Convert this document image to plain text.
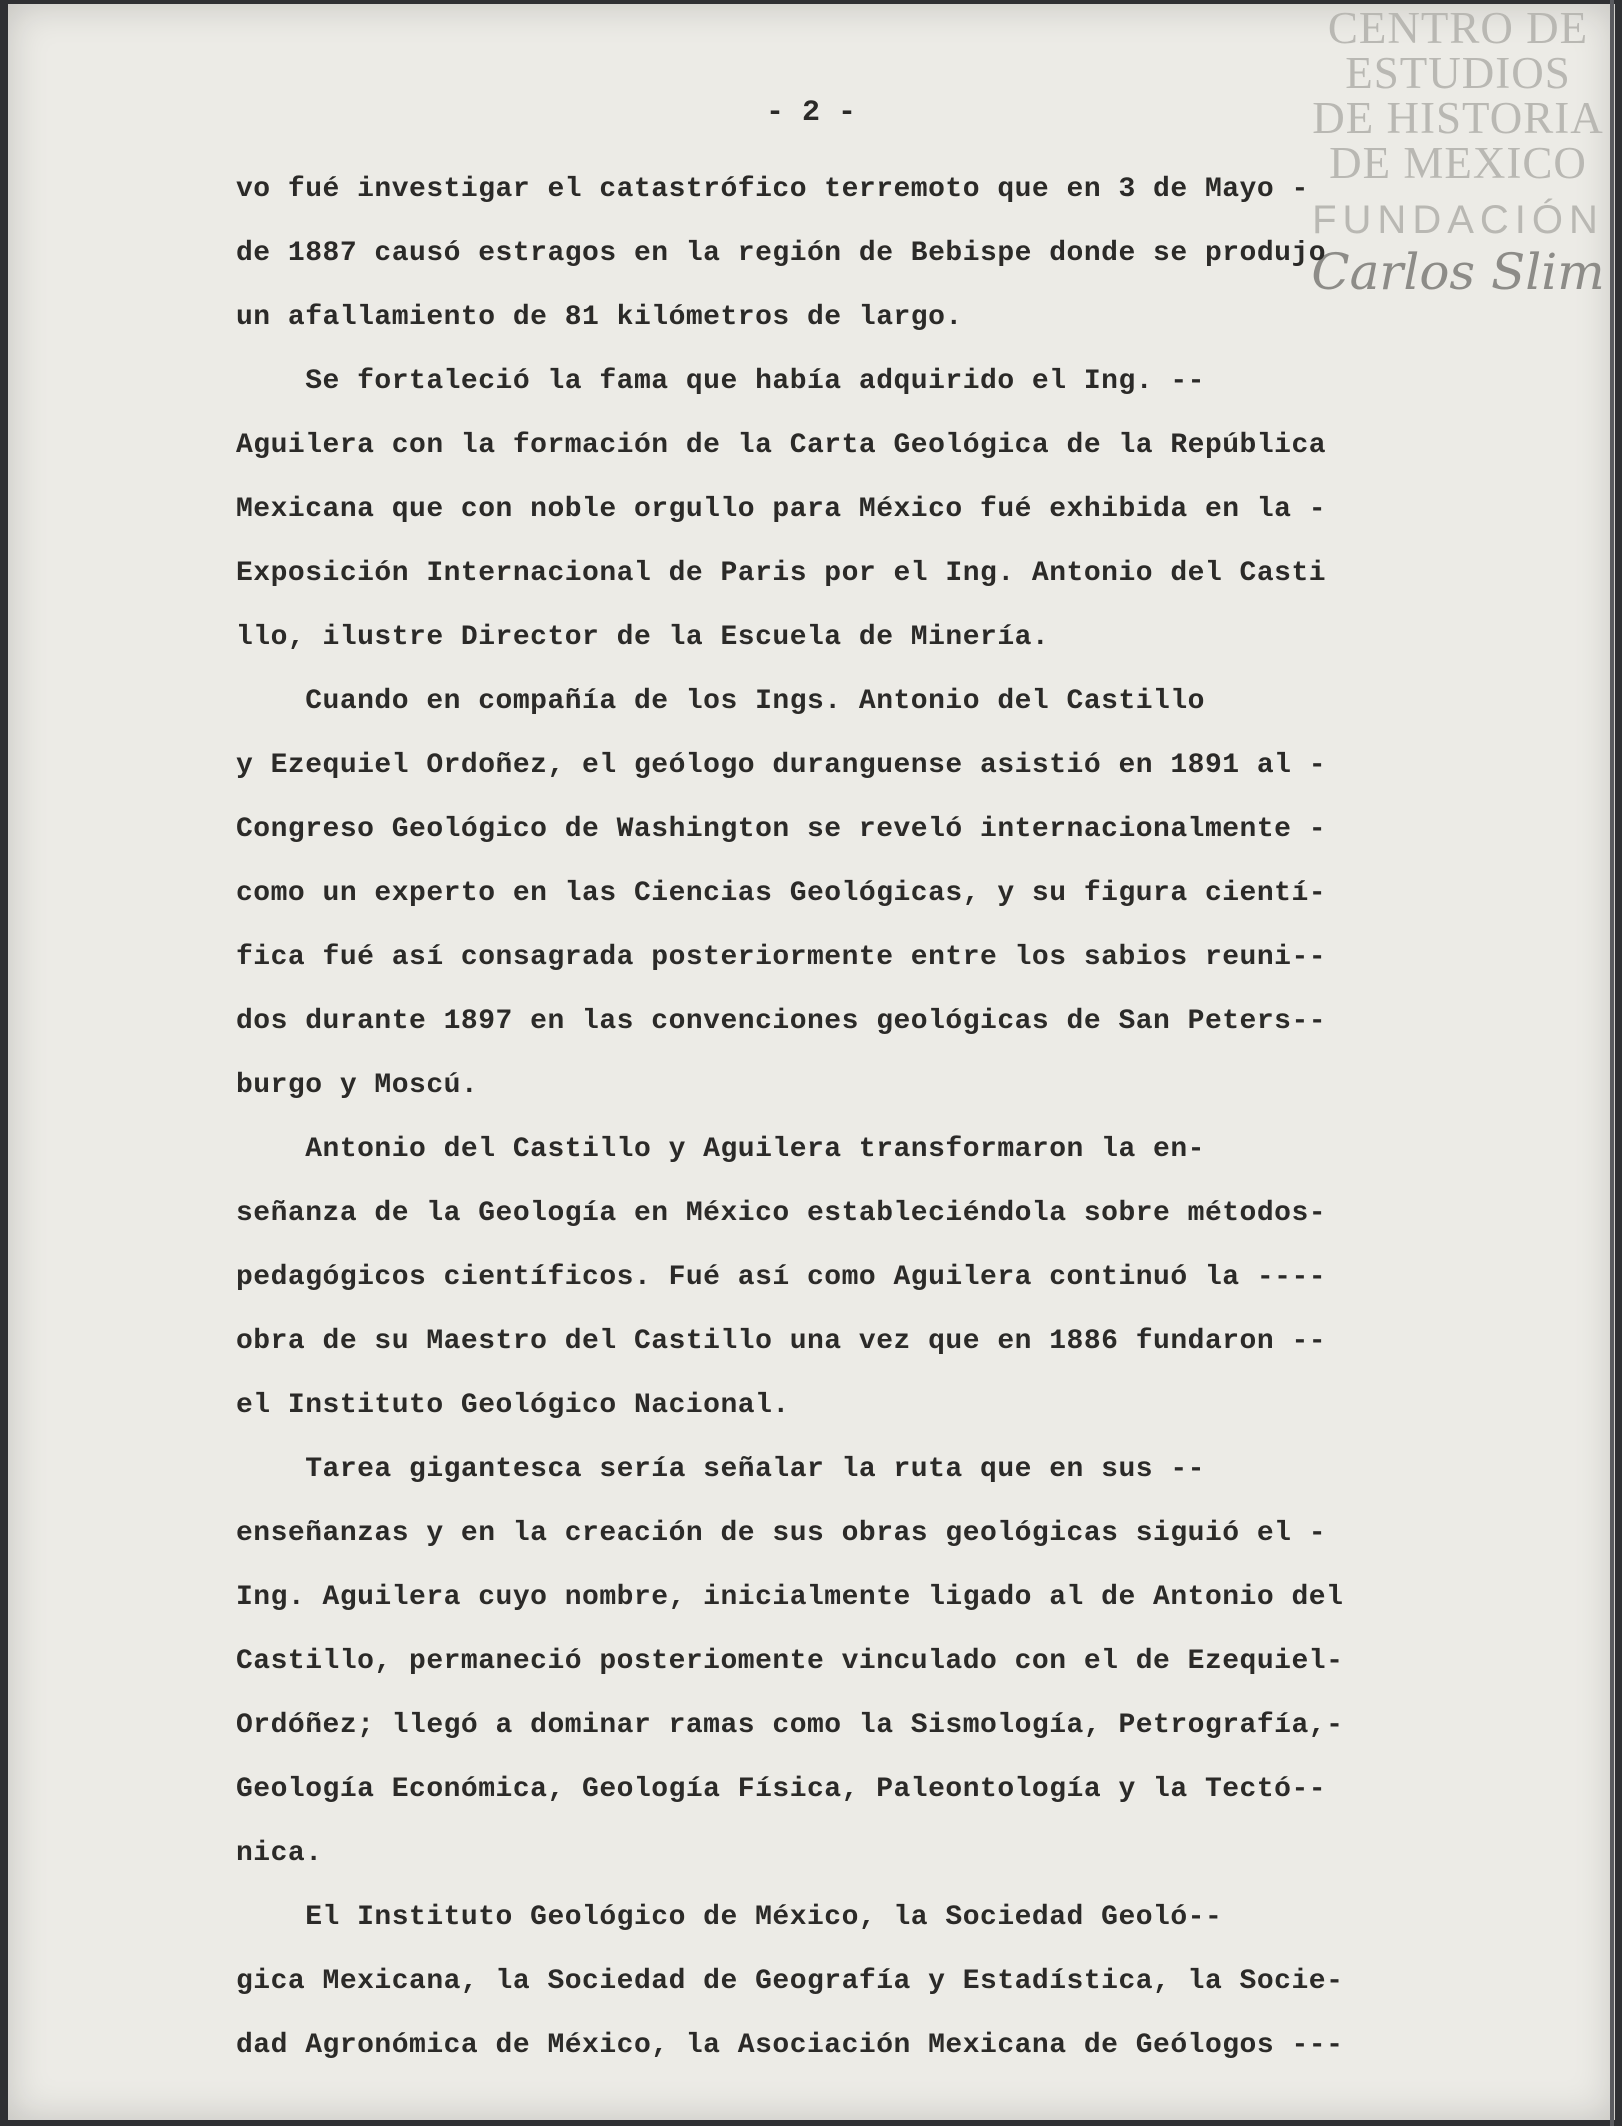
CENTRO DE
ESTUDIOS
DE HISTORIA
DE MEXICO
FUNDACIÓN
Carlos Slim
- 2 -
vo fué investigar el catastrófico terremoto que en 3 de Mayo -
de 1887 causó estragos en la región de Bebispe donde se produjo
un afallamiento de 81 kilómetros de largo.
Se fortaleció la fama que había adquirido el Ing. --
Aguilera con la formación de la Carta Geológica de la República
Mexicana que con noble orgullo para México fué exhibida en la -
Exposición Internacional de Paris por el Ing. Antonio del Casti
llo, ilustre Director de la Escuela de Minería.
Cuando en compañía de los Ings. Antonio del Castillo
y Ezequiel Ordoñez, el geólogo duranguense asistió en 1891 al -
Congreso Geológico de Washington se reveló internacionalmente -
como un experto en las Ciencias Geológicas, y su figura cientí-
fica fué así consagrada posteriormente entre los sabios reuni--
dos durante 1897 en las convenciones geológicas de San Peters--
burgo y Moscú.
Antonio del Castillo y Aguilera transformaron la en-
señanza de la Geología en México estableciéndola sobre métodos-
pedagógicos científicos. Fué así como Aguilera continuó la ----
obra de su Maestro del Castillo una vez que en 1886 fundaron --
el Instituto Geológico Nacional.
Tarea gigantesca sería señalar la ruta que en sus --
enseñanzas y en la creación de sus obras geológicas siguió el -
Ing. Aguilera cuyo nombre, inicialmente ligado al de Antonio del
Castillo, permaneció posteriomente vinculado con el de Ezequiel-
Ordóñez; llegó a dominar ramas como la Sismología, Petrografía,-
Geología Económica, Geología Física, Paleontología y la Tectó--
nica.
El Instituto Geológico de México, la Sociedad Geoló--
gica Mexicana, la Sociedad de Geografía y Estadística, la Socie-
dad Agronómica de México, la Asociación Mexicana de Geólogos ---
